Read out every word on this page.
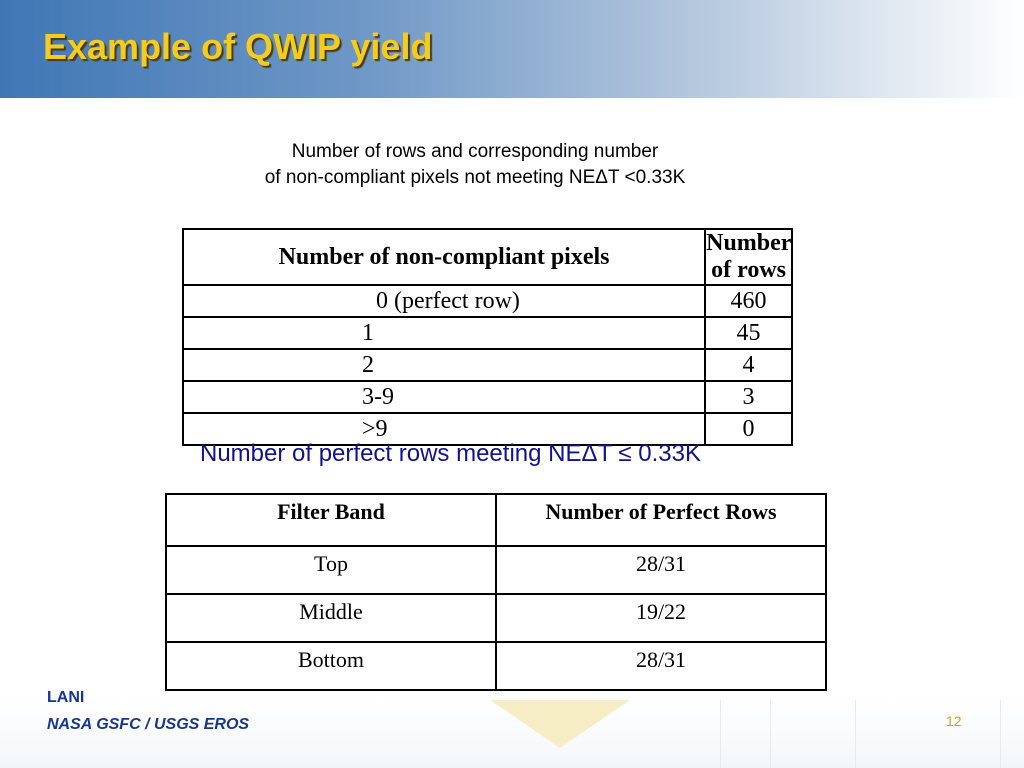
Example of QWIP yield
Number of rows and corresponding number
of non-compliant pixels not meeting NEΔT <0.33K
Number of non-compliant pixels	Number of rows
0 (perfect row)	460
1	45
2	4
3-9	3
>9	0
Number of perfect rows meeting NEΔT ≤ 0.33K
Filter Band	Number of Perfect Rows
Top	28/31
Middle	19/22
Bottom	28/31
LANI
NASA GSFC / USGS EROS	12
